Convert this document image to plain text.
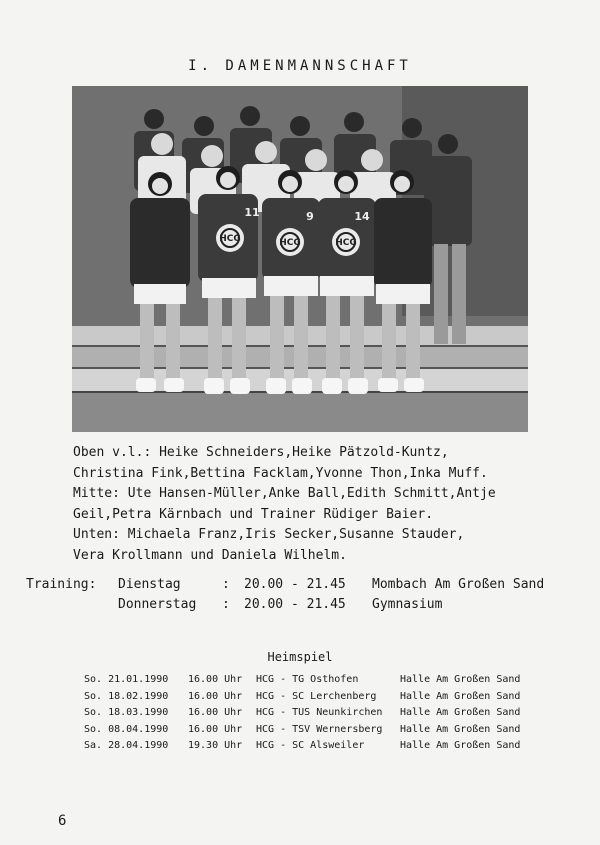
I. DAMENMANNSCHAFT
HCG	HCG	HCG
11	9	14
Oben v.l.: Heike Schneiders,Heike Pätzold-Kuntz,
Christina Fink,Bettina Facklam,Yvonne Thon,Inka Muff.
Mitte: Ute Hansen-Müller,Anke Ball,Edith Schmitt,Antje
Geil,Petra Kärnbach und Trainer Rüdiger Baier.
Unten: Michaela Franz,Iris Secker,Susanne Stauder,
Vera Krollmann und Daniela Wilhelm.
Training: Dienstag	: 20.00 - 21.45 Mombach Am Großen Sand
Donnerstag : 20.00 - 21.45 Gymnasium
Heimspiel
So. 21.01.1990 16.00 Uhr HCG - TG Osthofen	Halle Am Großen Sand
So. 18.02.1990 16.00 Uhr HCG - SC Lerchenberg Halle Am Großen Sand
So. 18.03.1990 16.00 Uhr HCG - TUS Neunkirchen Halle Am Großen Sand
So. 08.04.1990 16.00 Uhr HCG - TSV Wernersberg Halle Am Großen Sand
Sa. 28.04.1990 19.30 Uhr HCG - SC Alsweiler	Halle Am Großen Sand
6
